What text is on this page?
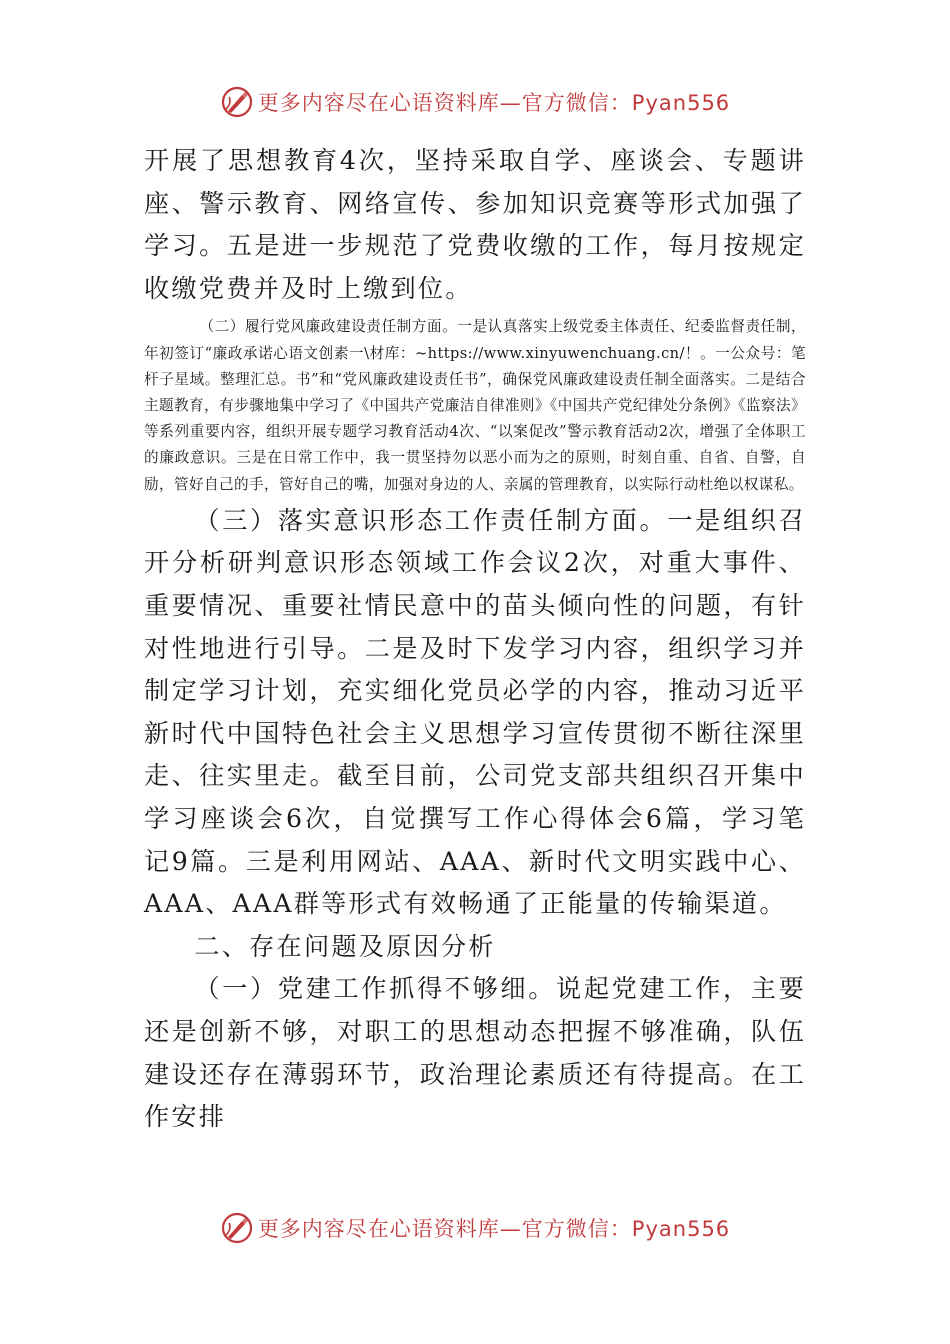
更多内容尽在心语资料库—官方微信：Pyan556

开展了思想教育4次，坚持采取自学、座谈会、专题讲座、警示教育、网络宣传、参加知识竞赛等形式加强了学习。五是进一步规范了党费收缴的工作，每月按规定收缴党费并及时上缴到位。

（二）履行党风廉政建设责任制方面。一是认真落实上级党委主体责任、纪委监督责任制，年初签订“廉政承诺心语文创素一\材库：~https://www.xinyuwenchuang.cn/！。一公众号：笔杆子星域。整理汇总。书”和“党风廉政建设责任书”，确保党风廉政建设责任制全面落实。二是结合主题教育，有步骤地集中学习了《中国共产党廉洁自律准则》《中国共产党纪律处分条例》《监察法》等系列重要内容，组织开展专题学习教育活动4次、“以案促改”警示教育活动2次，增强了全体职工的廉政意识。三是在日常工作中，我一贯坚持勿以恶小而为之的原则，时刻自重、自省、自警，自励，管好自己的手，管好自己的嘴，加强对身边的人、亲属的管理教育，以实际行动杜绝以权谋私。

（三）落实意识形态工作责任制方面。一是组织召开分析研判意识形态领域工作会议2次，对重大事件、重要情况、重要社情民意中的苗头倾向性的问题，有针对性地进行引导。二是及时下发学习内容，组织学习并制定学习计划，充实细化党员必学的内容，推动习近平新时代中国特色社会主义思想学习宣传贯彻不断往深里走、往实里走。截至目前，公司党支部共组织召开集中学习座谈会6次，自觉撰写工作心得体会6篇，学习笔记9篇。三是利用网站、AAA、新时代文明实践中心、AAA、AAA群等形式有效畅通了正能量的传输渠道。

二、存在问题及原因分析

（一）党建工作抓得不够细。说起党建工作，主要还是创新不够，对职工的思想动态把握不够准确，队伍建设还存在薄弱环节，政治理论素质还有待提高。在工作安排

更多内容尽在心语资料库—官方微信：Pyan556
